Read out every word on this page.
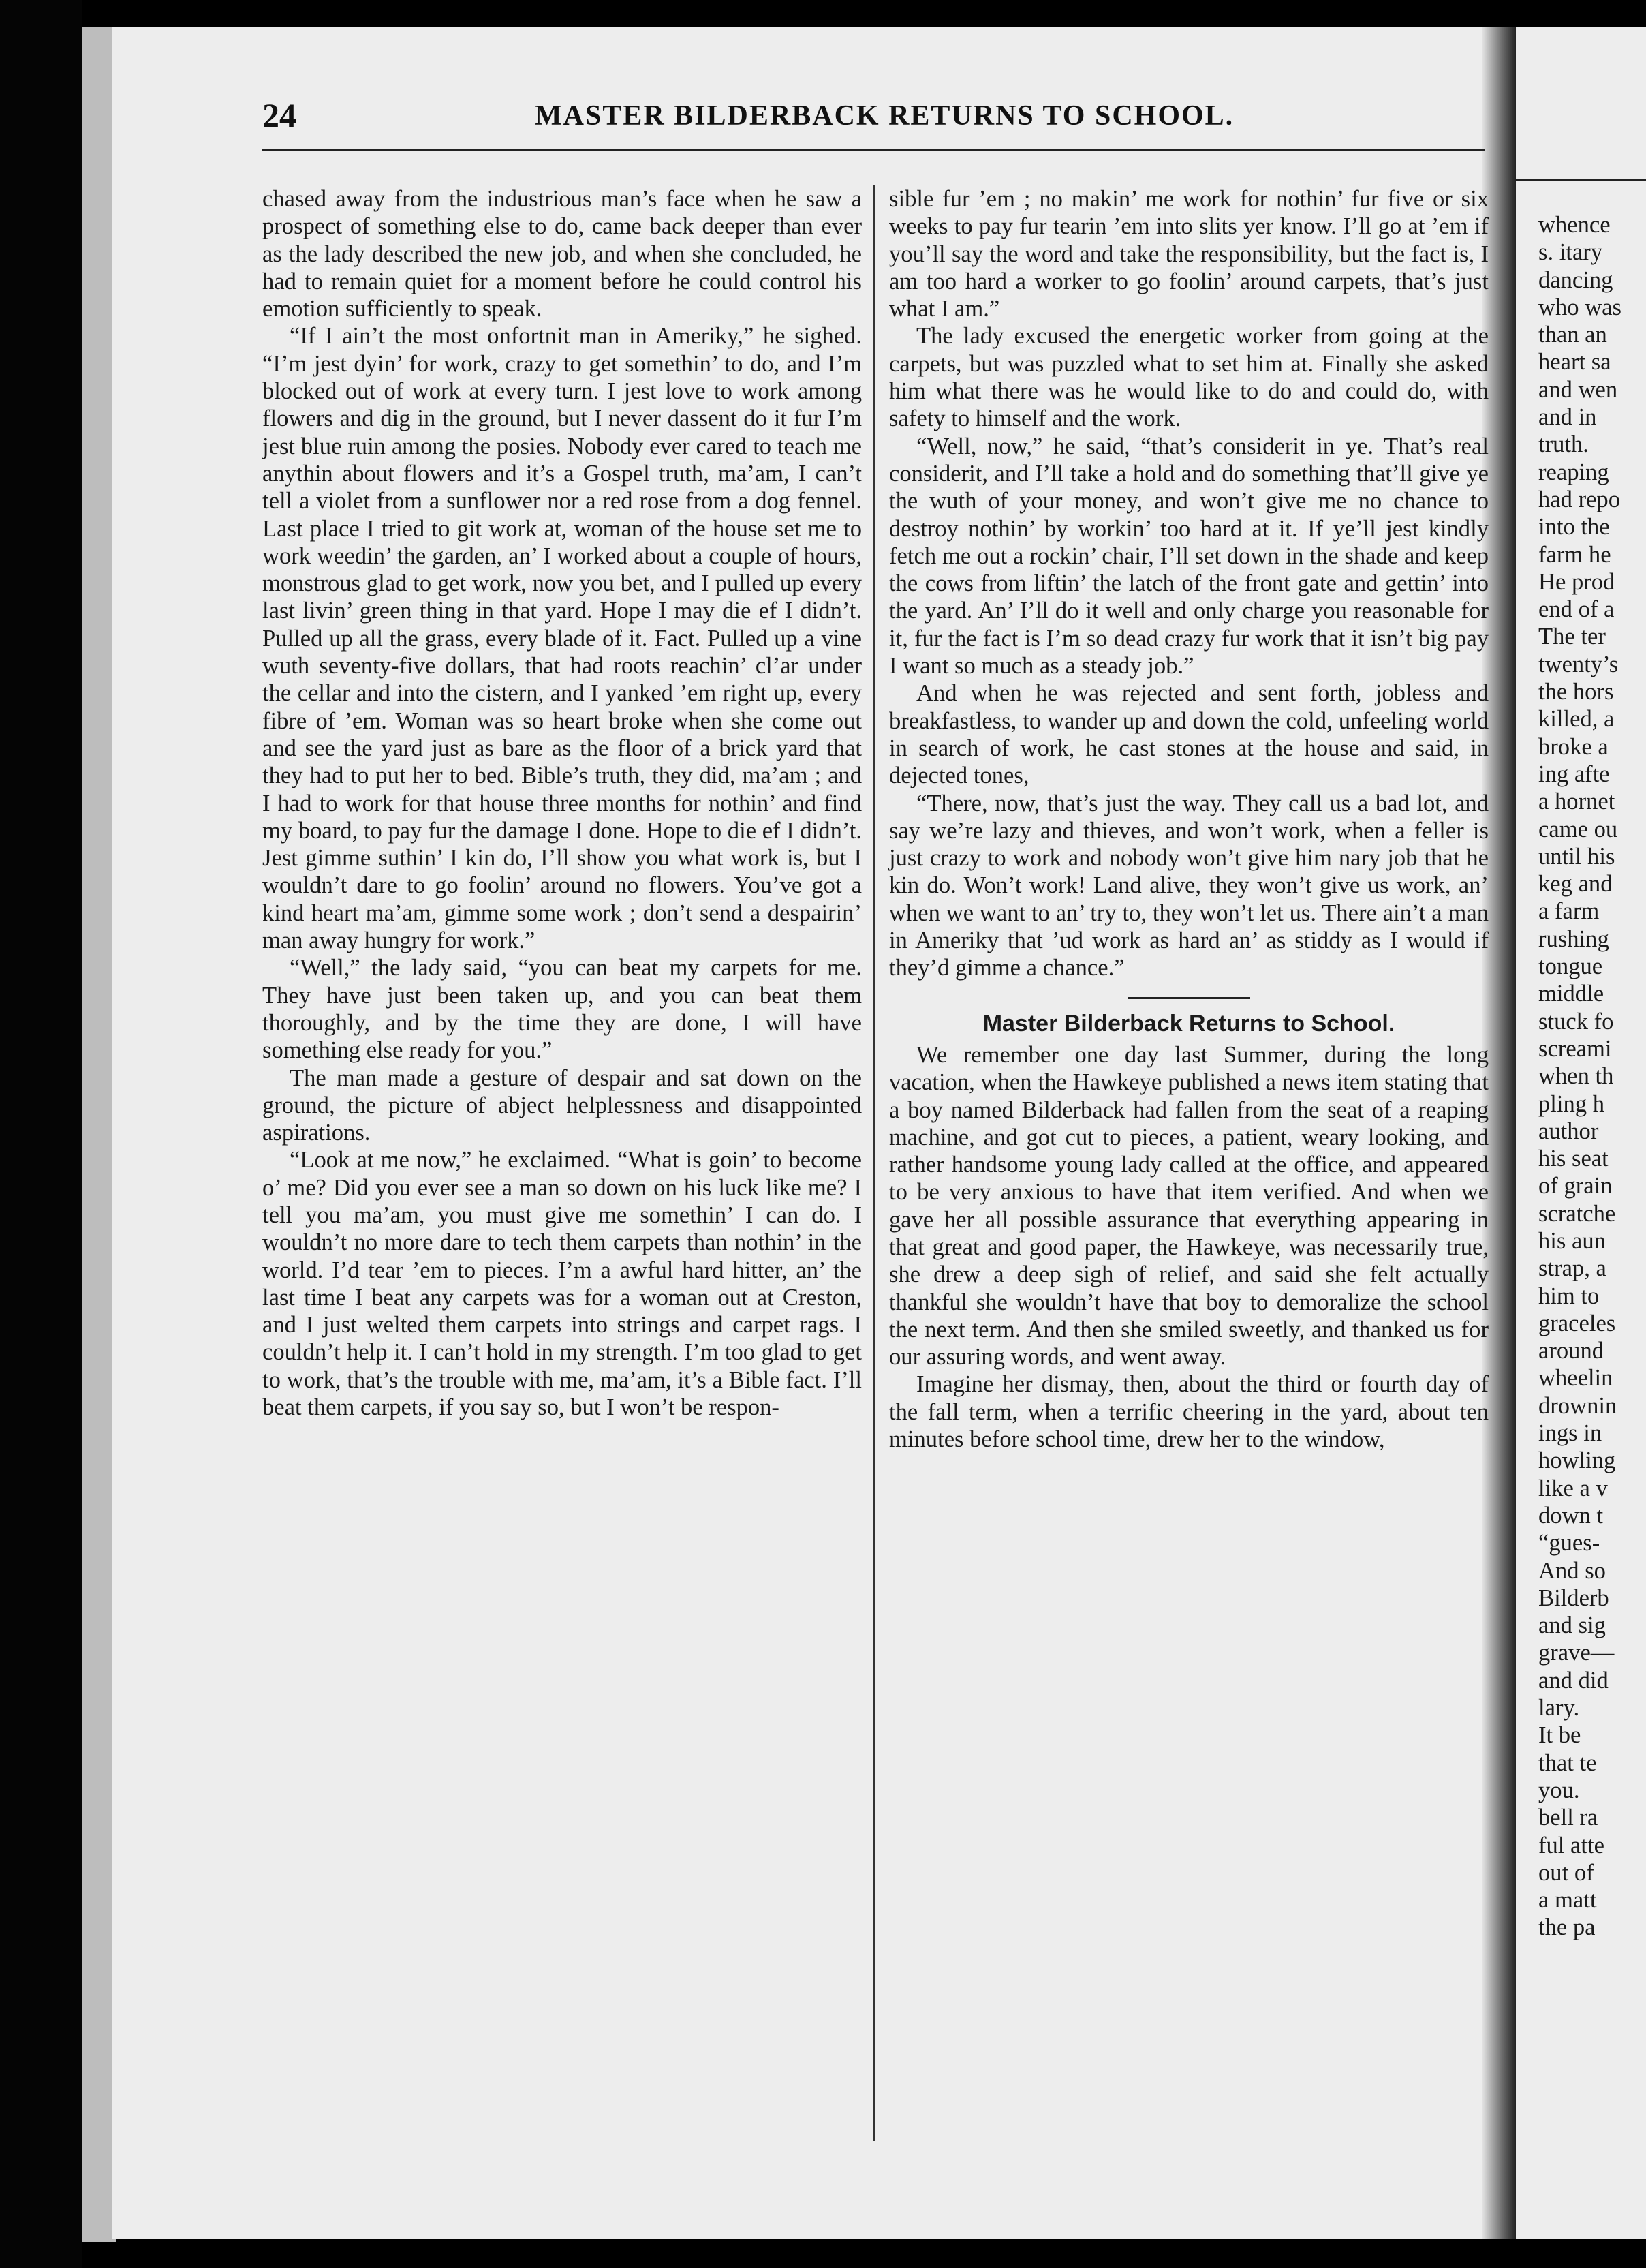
24	MASTER BILDERBACK RETURNS TO SCHOOL.

chased away from the industrious man’s face when he saw a prospect of something else to do, came back deeper than ever as the lady described the new job, and when she concluded, he had to remain quiet for a moment before he could control his emotion sufficiently to speak.

“If I ain’t the most onfortnit man in Ameriky,” he sighed. “I’m jest dyin’ for work, crazy to get somethin’ to do, and I’m blocked out of work at every turn. I jest love to work among flowers and dig in the ground, but I never dassent do it fur I’m jest blue ruin among the posies. Nobody ever cared to teach me anythin about flowers and it’s a Gospel truth, ma’am, I can’t tell a violet from a sunflower nor a red rose from a dog fennel. Last place I tried to git work at, woman of the house set me to work weedin’ the garden, an’ I worked about a couple of hours, monstrous glad to get work, now you bet, and I pulled up every last livin’ green thing in that yard. Hope I may die ef I didn’t. Pulled up all the grass, every blade of it. Fact. Pulled up a vine wuth seventy-five dollars, that had roots reachin’ cl’ar under the cellar and into the cistern, and I yanked ’em right up, every fibre of ’em. Woman was so heart broke when she come out and see the yard just as bare as the floor of a brick yard that they had to put her to bed. Bible’s truth, they did, ma’am ; and I had to work for that house three months for nothin’ and find my board, to pay fur the damage I done. Hope to die ef I didn’t. Jest gimme suthin’ I kin do, I’ll show you what work is, but I wouldn’t dare to go foolin’ around no flowers. You’ve got a kind heart ma’am, gimme some work ; don’t send a despairin’ man away hungry for work.”

“Well,” the lady said, “you can beat my carpets for me. They have just been taken up, and you can beat them thoroughly, and by the time they are done, I will have something else ready for you.”

The man made a gesture of despair and sat down on the ground, the picture of abject helplessness and disappointed aspirations.

“Look at me now,” he exclaimed. “What is goin’ to become o’ me? Did you ever see a man so down on his luck like me? I tell you ma’am, you must give me somethin’ I can do. I wouldn’t no more dare to tech them carpets than nothin’ in the world. I’d tear ’em to pieces. I’m a awful hard hitter, an’ the last time I beat any carpets was for a woman out at Creston, and I just welted them carpets into strings and carpet rags. I couldn’t help it. I can’t hold in my strength. I’m too glad to get to work, that’s the trouble with me, ma’am, it’s a Bible fact. I’ll beat them carpets, if you say so, but I won’t be respon-

sible fur ’em ; no makin’ me work for nothin’ fur five or six weeks to pay fur tearin ’em into slits yer know. I’ll go at ’em if you’ll say the word and take the responsibility, but the fact is, I am too hard a worker to go foolin’ around carpets, that’s just what I am.”

The lady excused the energetic worker from going at the carpets, but was puzzled what to set him at. Finally she asked him what there was he would like to do and could do, with safety to himself and the work.

“Well, now,” he said, “that’s considerit in ye. That’s real considerit, and I’ll take a hold and do something that’ll give ye the wuth of your money, and won’t give me no chance to destroy nothin’ by workin’ too hard at it. If ye’ll jest kindly fetch me out a rockin’ chair, I’ll set down in the shade and keep the cows from liftin’ the latch of the front gate and gettin’ into the yard. An’ I’ll do it well and only charge you reasonable for it, fur the fact is I’m so dead crazy fur work that it isn’t big pay I want so much as a steady job.”

And when he was rejected and sent forth, jobless and breakfastless, to wander up and down the cold, unfeeling world in search of work, he cast stones at the house and said, in dejected tones,

“There, now, that’s just the way. They call us a bad lot, and say we’re lazy and thieves, and won’t work, when a feller is just crazy to work and nobody won’t give him nary job that he kin do. Won’t work! Land alive, they won’t give us work, an’ when we want to an’ try to, they won’t let us. There ain’t a man in Ameriky that ’ud work as hard an’ as stiddy as I would if they’d gimme a chance.”

Master Bilderback Returns to School.

We remember one day last Summer, during the long vacation, when the Hawkeye published a news item stating that a boy named Bilderback had fallen from the seat of a reaping machine, and got cut to pieces, a patient, weary looking, and rather handsome young lady called at the office, and appeared to be very anxious to have that item verified. And when we gave her all possible assurance that everything appearing in that great and good paper, the Hawkeye, was necessarily true, she drew a deep sigh of relief, and said she felt actually thankful she wouldn’t have that boy to demoralize the school the next term. And then she smiled sweetly, and thanked us for our assuring words, and went away.

Imagine her dismay, then, about the third or fourth day of the fall term, when a terrific cheering in the yard, about ten minutes before school time, drew her to the window,

whence
s. itary
dancing
who was
than an
heart sa
and wen
and in
truth.
reaping
had repo
into the
farm he
He prod
end of a
The ter
twenty’s
the hors
killed, a
broke a
ing afte
a hornet
came ou
until his
keg and
a farm
rushing
tongue
middle
stuck fo
screami
when th
pling h
author
his seat
of grain
scratche
his aun
strap, a
him to
graceles
around
wheelin
drownin
ings in
howling
like a v
down t
“gues-
And so
Bilderb
and sig
grave—
and did
lary.
It be
that te
you.
bell ra
ful atte
out of
a matt
the pa
